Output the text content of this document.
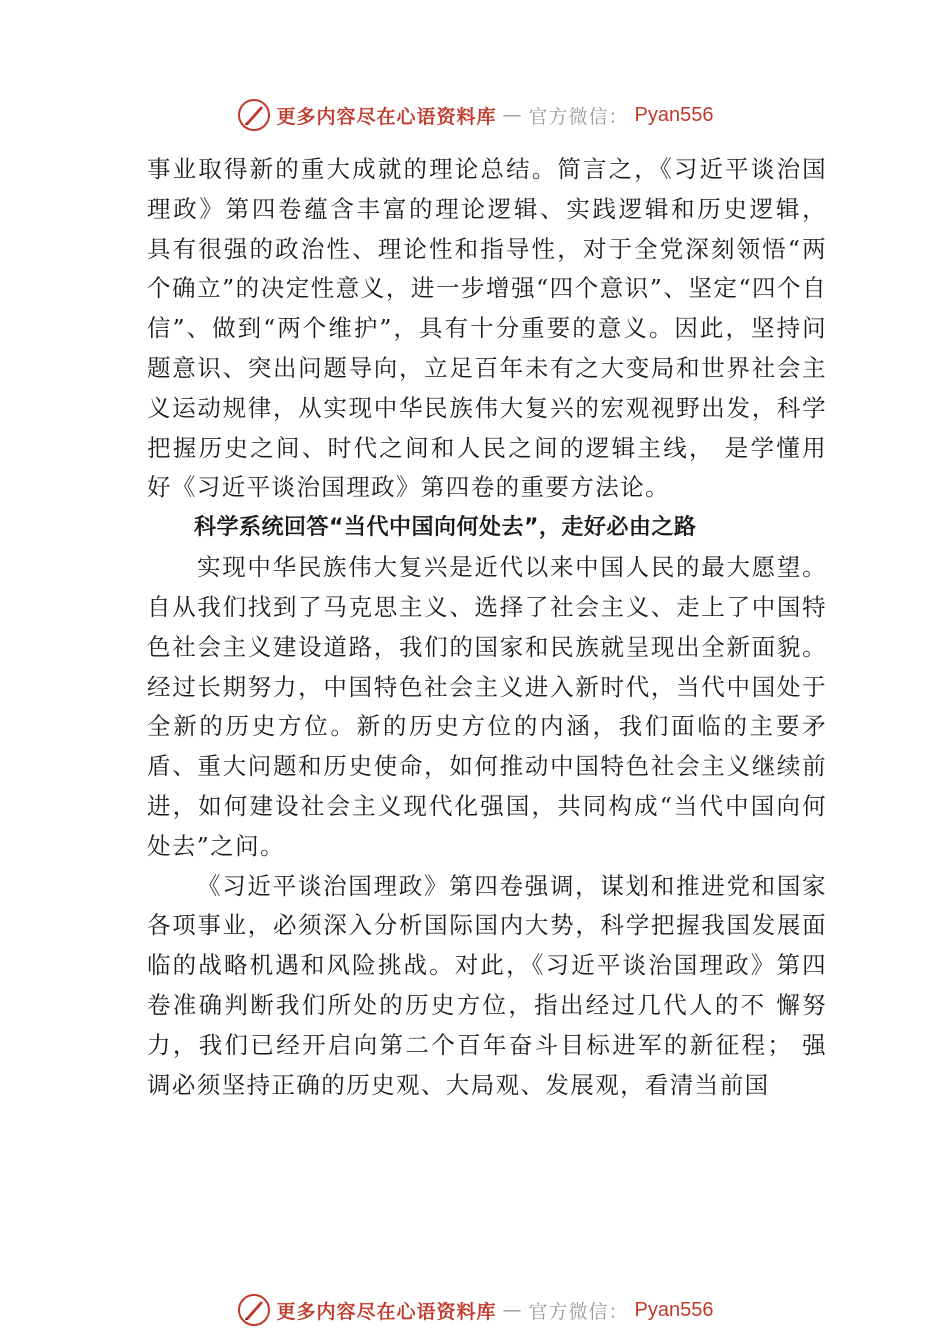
更多内容尽在心语资料库 — 官方微信： Pyan556

事业取得新的重大成就的理论总结。简言之，《习近平谈治国理政》第四卷蕴含丰富的理论逻辑、实践逻辑和历史逻辑， 具有很强的政治性、理论性和指导性，对于全党深刻领悟“两个确立”的决定性意义，进一步增强“四个意识”、坚定“四个自信”、做到“两个维护”，具有十分重要的意义。因此，坚持问题意识、突出问题导向，立足百年未有之大变局和世界社会主义运动规律，从实现中华民族伟大复兴的宏观视野出发，科学把握历史之间、时代之间和人民之间的逻辑主线， 是学懂用好《习近平谈治国理政》第四卷的重要方法论。

科学系统回答“当代中国向何处去”，走好必由之路

实现中华民族伟大复兴是近代以来中国人民的最大愿望。自从我们找到了马克思主义、选择了社会主义、走上了中国特色社会主义建设道路，我们的国家和民族就呈现出全新面貌。经过长期努力，中国特色社会主义进入新时代，当代中国处于全新的历史方位。新的历史方位的内涵，我们面临的主要矛盾、重大问题和历史使命，如何推动中国特色社会主义继续前进，如何建设社会主义现代化强国，共同构成“当代中国向何处去”之问。

《习近平谈治国理政》第四卷强调，谋划和推进党和国家各项事业，必须深入分析国际国内大势，科学把握我国发展面临的战略机遇和风险挑战。对此，《习近平谈治国理政》第四卷准确判断我们所处的历史方位，指出经过几代人的不 懈努力，我们已经开启向第二个百年奋斗目标进军的新征程； 强调必须坚持正确的历史观、大局观、发展观，看清当前国

更多内容尽在心语资料库 — 官方微信： Pyan556
